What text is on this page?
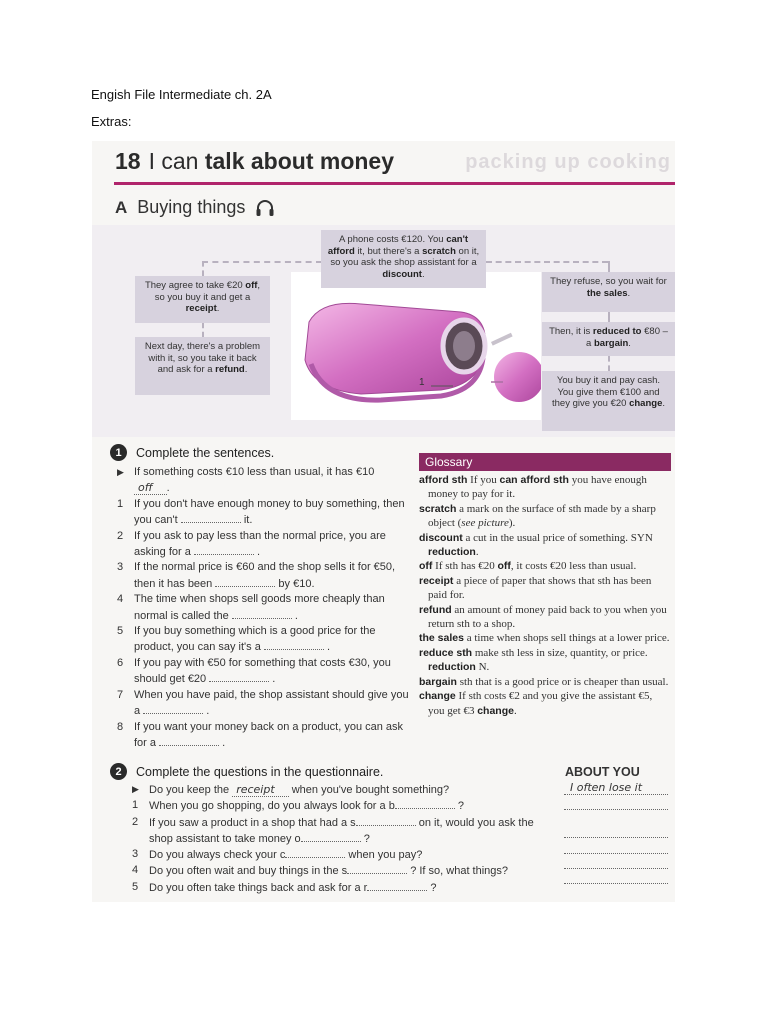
Engish File Intermediate ch. 2A
Extras:
packing up cooking
18 I can talk about money
A Buying things
1
A phone costs €120. You can't afford it, but there's a scratch on it, so you ask the shop assistant for a discount.
They agree to take €20 off, so you buy it and get a receipt.
Next day, there's a problem with it, so you take it back and ask for a refund.
They refuse, so you wait for the sales.
Then, it is reduced to €80 – a bargain.
You buy it and pay cash. You give them €100 and they give you €20 change.
1	Complete the sentences.
▶ If something costs €10 less than usual, it has €10 off .
1 If you don't have enough money to buy something, then you can't	it.
2 If you ask to pay less than the normal price, you are asking for a	.
3 If the normal price is €60 and the shop sells it for €50, then it has been	by €10.
4 The time when shops sell goods more cheaply than normal is called the	.
5 If you buy something which is a good price for the product, you can say it's a	.
6 If you pay with €50 for something that costs €30, you should get €20	.
7 When you have paid, the shop assistant should give you a	.
8 If you want your money back on a product, you can ask for a	.
Glossary
afford sth If you can afford sth you have enough money to pay for it.
scratch a mark on the surface of sth made by a sharp object (see picture).
discount a cut in the usual price of something. SYN reduction.
off If sth has €20 off, it costs €20 less than usual.
receipt a piece of paper that shows that sth has been paid for.
refund an amount of money paid back to you when you return sth to a shop.
the sales a time when shops sell things at a lower price.
reduce sth make sth less in size, quantity, or price. reduction N.
bargain sth that is a good price or is cheaper than usual.
change If sth costs €2 and you give the assistant €5, you get €3 change.
2	Complete the questions in the questionnaire.	ABOUT YOU
▶ Do you keep the receipt when you've bought something?
1 When you go shopping, do you always look for a b	?
2 If you saw a product in a shop that had a s	on it, would you ask the shop assistant to take money o	?
3 Do you always check your c	when you pay?
4 Do you often wait and buy things in the s	? If so, what things?
5 Do you often take things back and ask for a r	?
I often lose it
